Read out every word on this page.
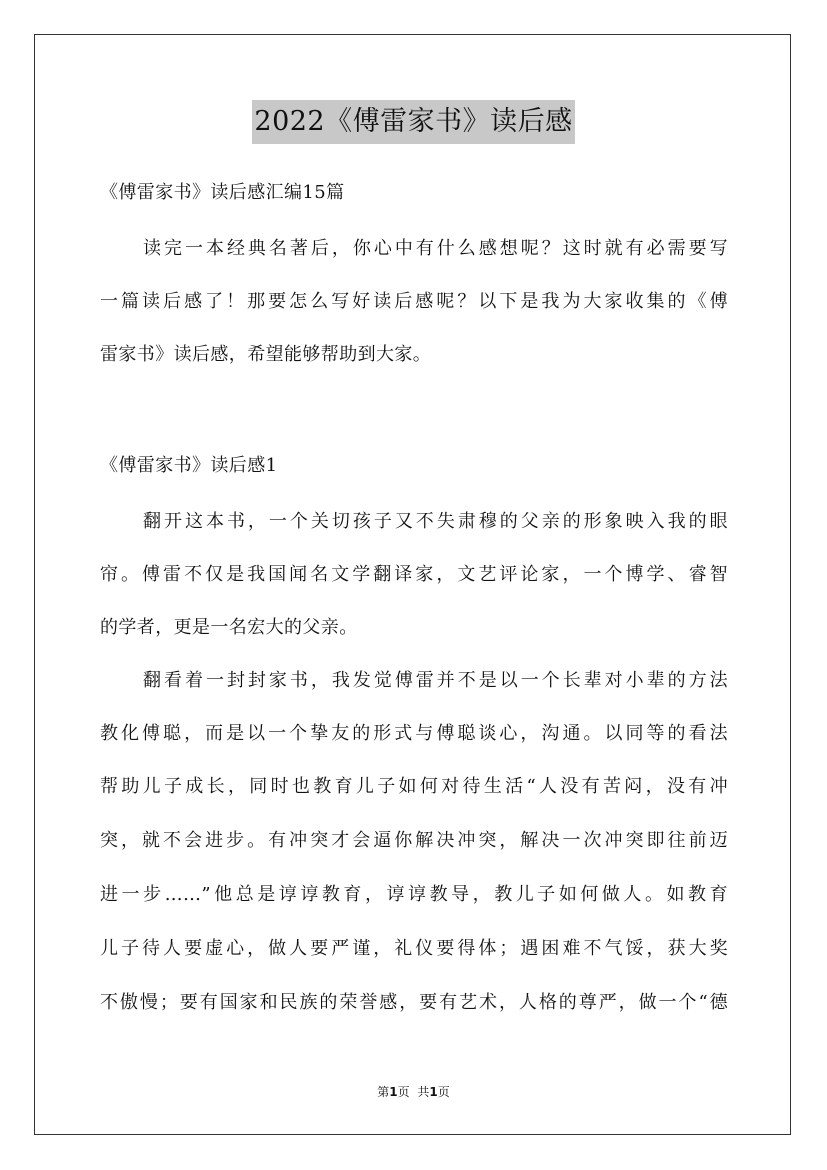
2022《傅雷家书》读后感
《傅雷家书》读后感汇编15篇
读完一本经典名著后，你心中有什么感想呢？这时就有必需要写
一篇读后感了！那要怎么写好读后感呢？以下是我为大家收集的《傅
雷家书》读后感，希望能够帮助到大家。
《傅雷家书》读后感1
翻开这本书，一个关切孩子又不失肃穆的父亲的形象映入我的眼
帘。傅雷不仅是我国闻名文学翻译家，文艺评论家，一个博学、睿智
的学者，更是一名宏大的父亲。
翻看着一封封家书，我发觉傅雷并不是以一个长辈对小辈的方法
教化傅聪，而是以一个挚友的形式与傅聪谈心，沟通。以同等的看法
帮助儿子成长，同时也教育儿子如何对待生活“人没有苦闷，没有冲
突，就不会进步。有冲突才会逼你解决冲突，解决一次冲突即往前迈
进一步……”他总是谆谆教育，谆谆教导，教儿子如何做人。如教育
儿子待人要虚心，做人要严谨，礼仪要得体；遇困难不气馁，获大奖
不傲慢；要有国家和民族的荣誉感，要有艺术，人格的尊严，做一个“德
第1页 共1页
